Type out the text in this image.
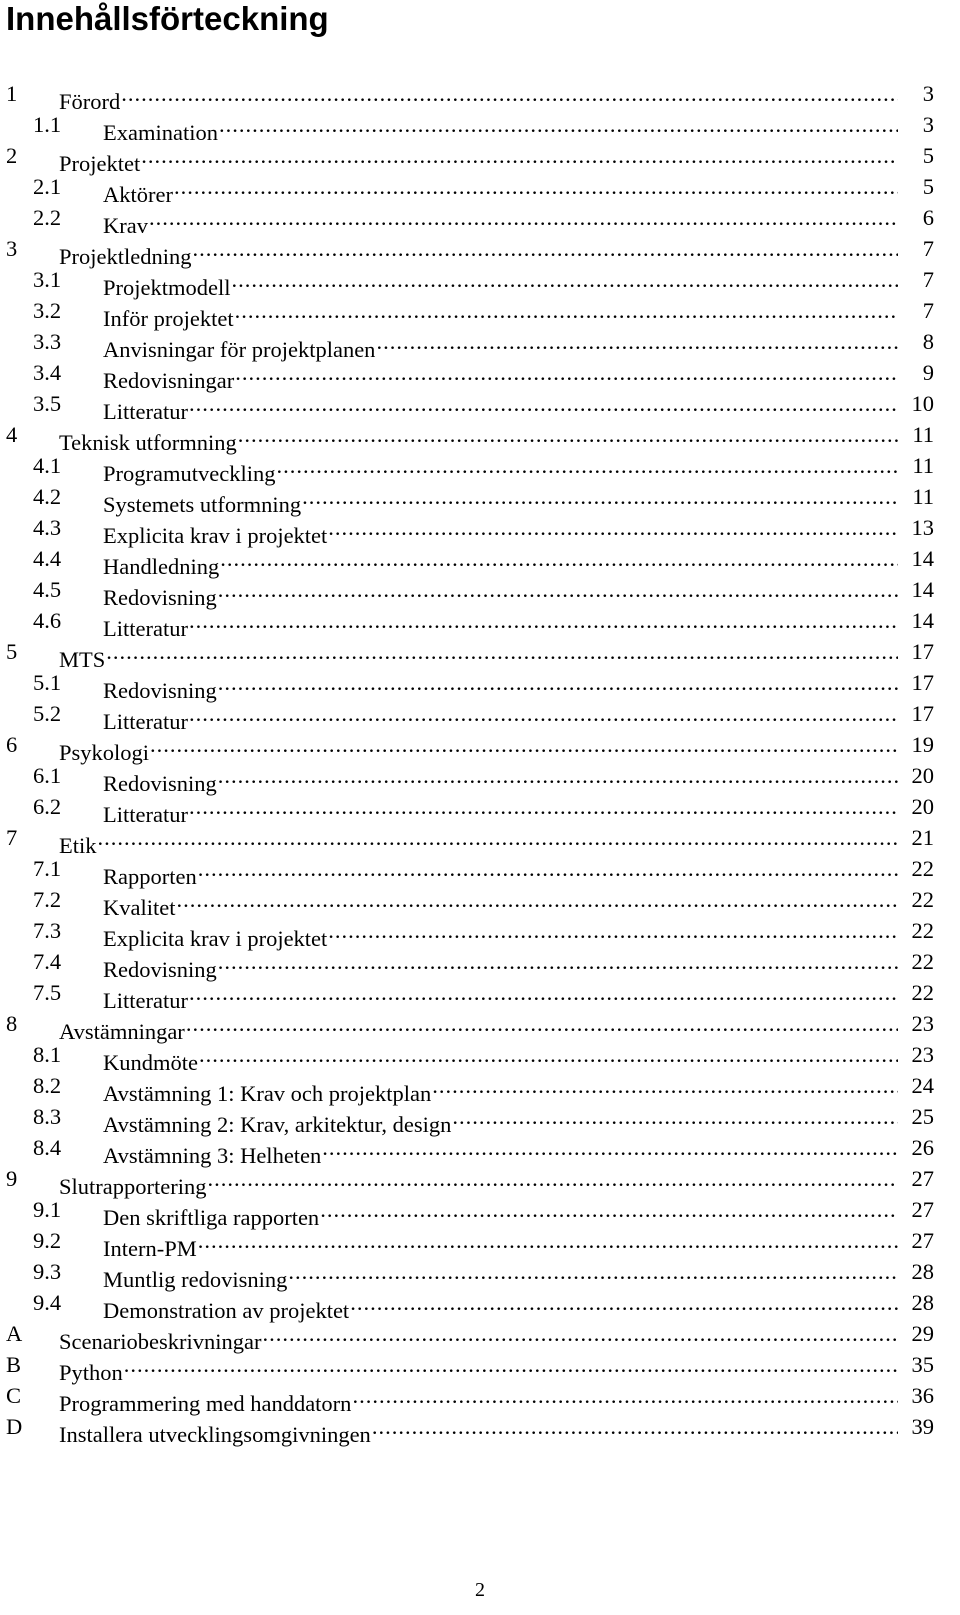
Innehållsförteckning
1 Förord .....	3
1.1 Examination .....	3
2 Projektet .....	5
2.1 Aktörer .....	5
2.2 Krav .....	6
3 Projektledning .....	7
3.1 Projektmodell .....	7
3.2 Inför projektet .....	7
3.3 Anvisningar för projektplanen .....	8
3.4 Redovisningar .....	9
3.5 Litteratur .....	10
4 Teknisk utformning .....	11
4.1 Programutveckling .....	11
4.2 Systemets utformning .....	11
4.3 Explicita krav i projektet .....	13
4.4 Handledning .....	14
4.5 Redovisning .....	14
4.6 Litteratur .....	14
5 MTS .....	17
5.1 Redovisning .....	17
5.2 Litteratur .....	17
6 Psykologi .....	19
6.1 Redovisning .....	20
6.2 Litteratur .....	20
7 Etik .....	21
7.1 Rapporten .....	22
7.2 Kvalitet .....	22
7.3 Explicita krav i projektet .....	22
7.4 Redovisning .....	22
7.5 Litteratur .....	22
8 Avstämningar .....	23
8.1 Kundmöte .....	23
8.2 Avstämning 1: Krav och projektplan .....	24
8.3 Avstämning 2: Krav, arkitektur, design .....	25
8.4 Avstämning 3: Helheten .....	26
9 Slutrapportering .....	27
9.1 Den skriftliga rapporten .....	27
9.2 Intern-PM .....	27
9.3 Muntlig redovisning .....	28
9.4 Demonstration av projektet .....	28
A Scenariobeskrivningar .....	29
B Python .....	35
C Programmering med handdatorn .....	36
D Installera utvecklingsomgivningen .....	39
2
